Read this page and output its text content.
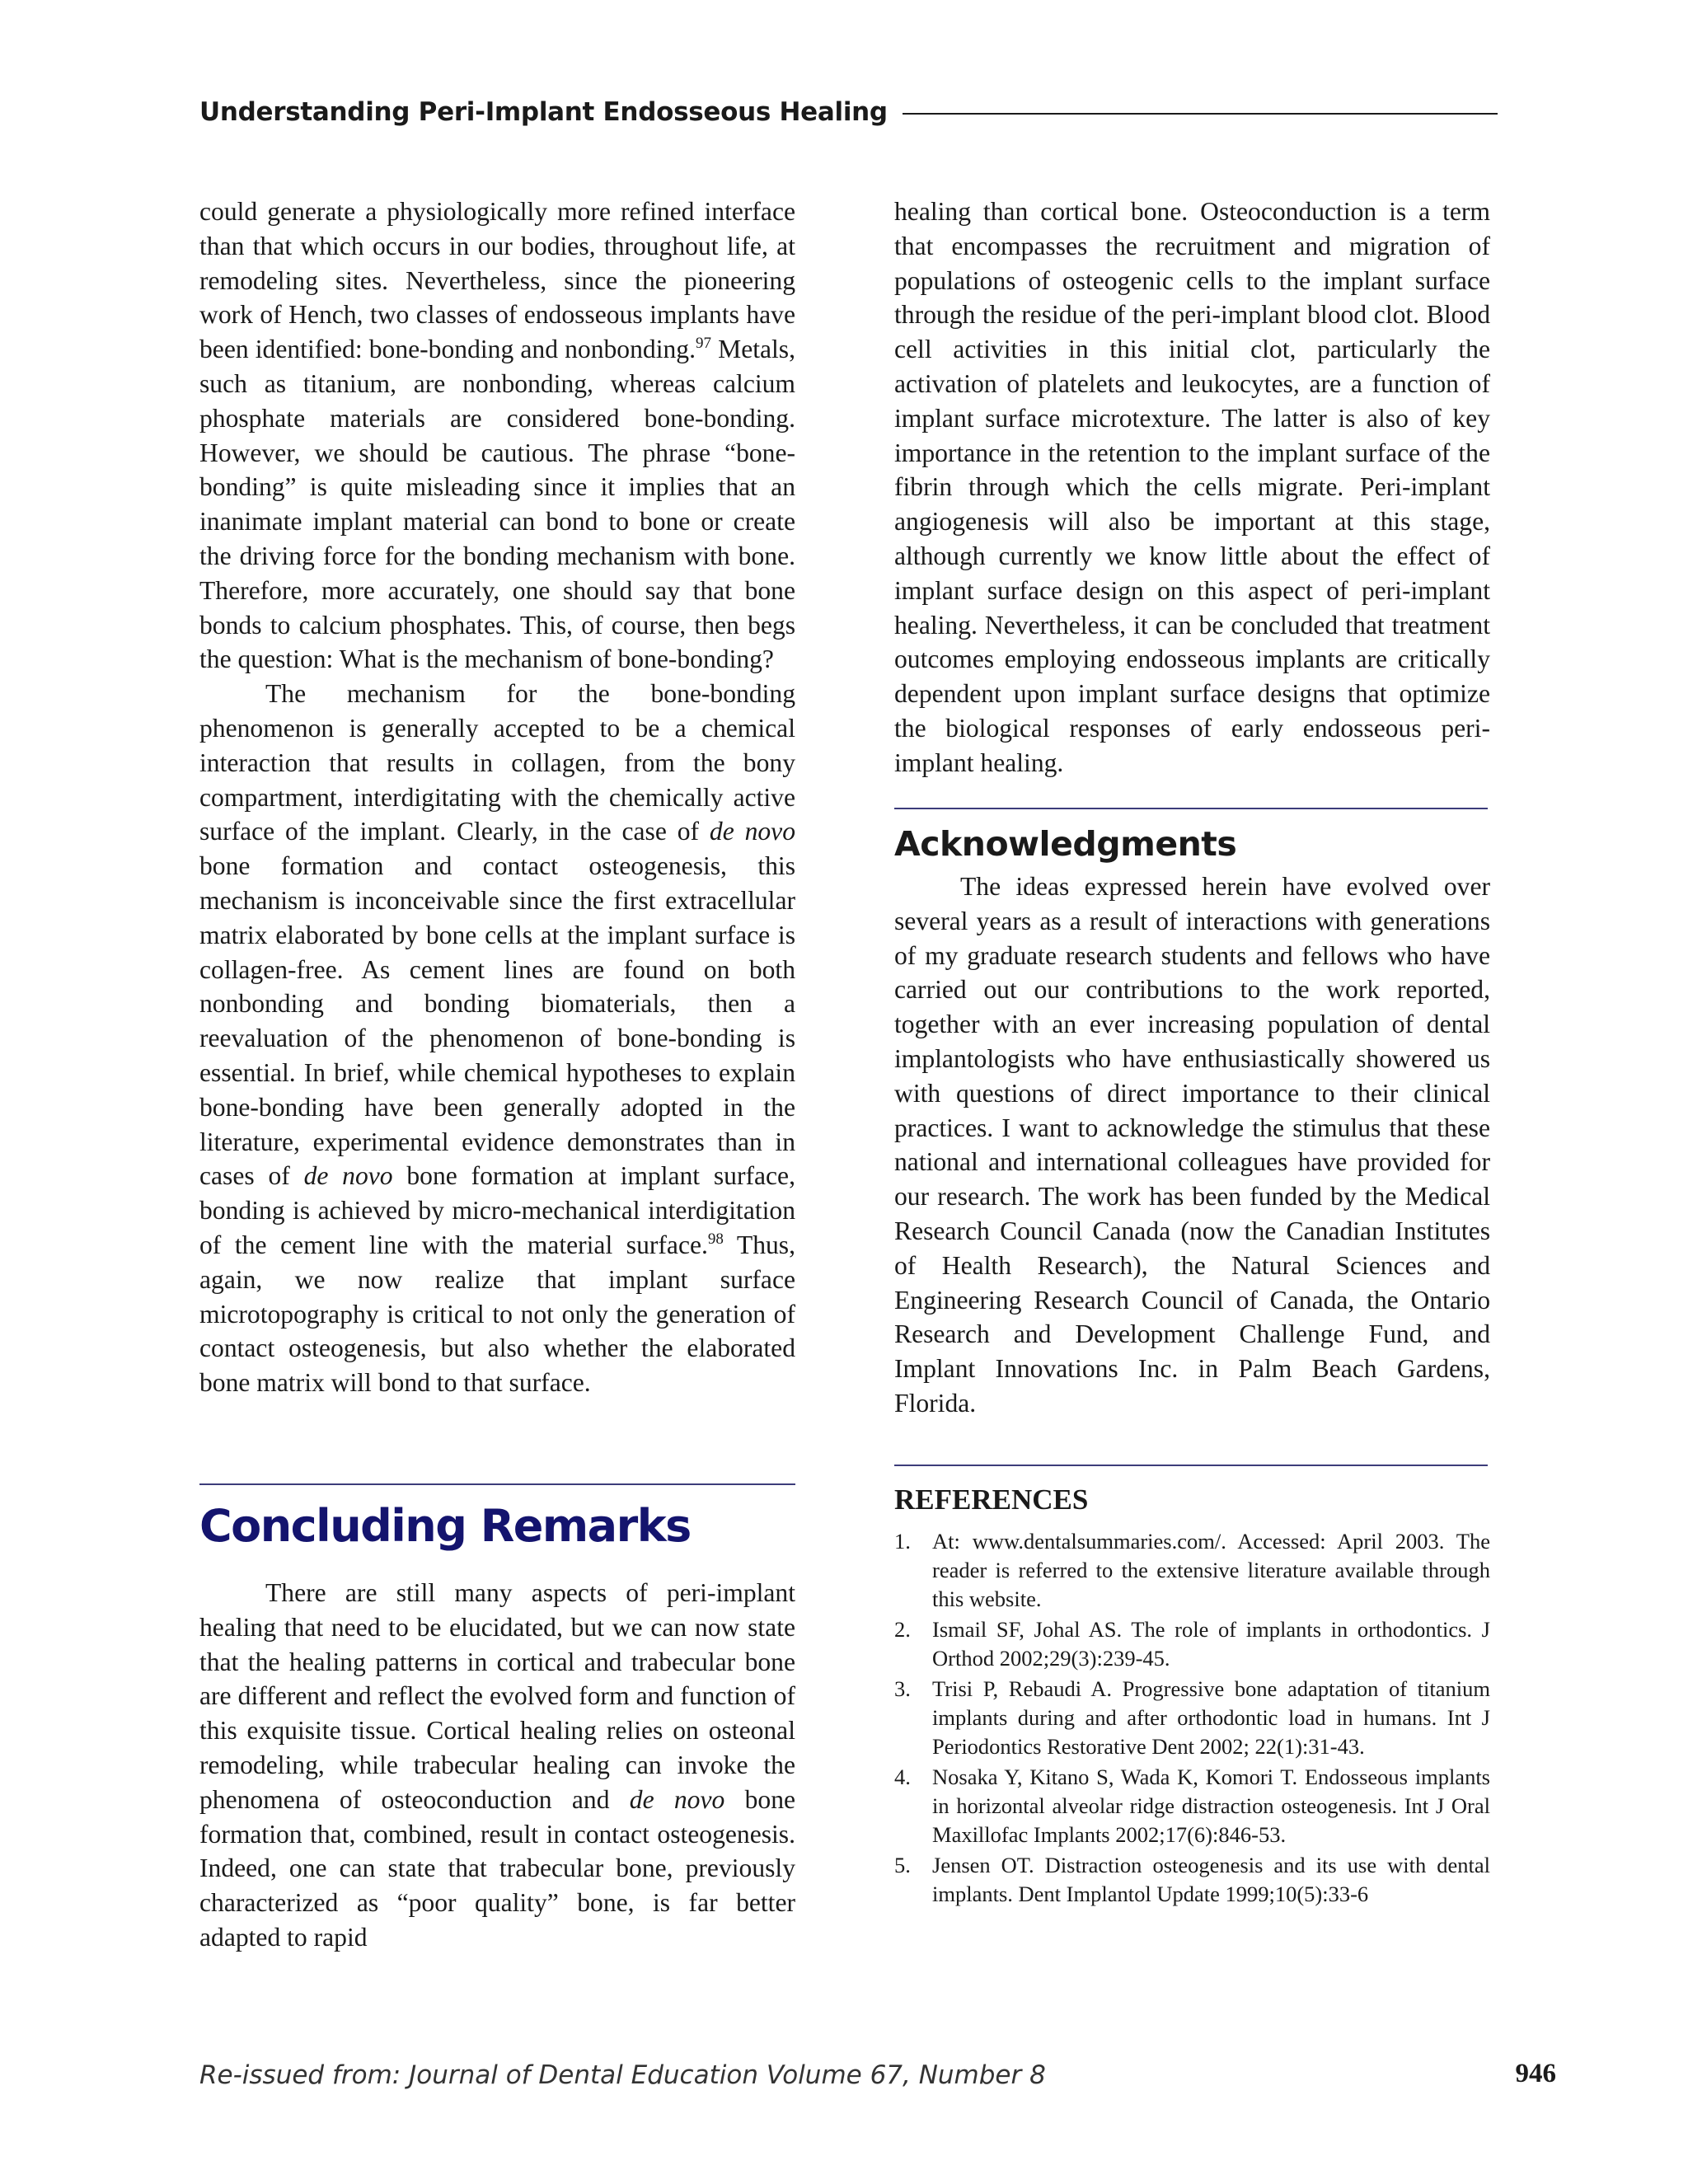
Understanding Peri-Implant Endosseous Healing

could generate a physiologically more refined interface than that which occurs in our bodies, throughout life, at remodeling sites. Nevertheless, since the pioneering work of Hench, two classes of endosseous implants have been identified: bone-bonding and nonbonding.$^{97}$ Metals, such as titanium, are nonbonding, whereas calcium phosphate materials are considered bone-bonding. However, we should be cautious. The phrase “bone-bonding” is quite misleading since it implies that an inanimate implant material can bond to bone or create the driving force for the bonding mechanism with bone. Therefore, more accurately, one should say that bone bonds to calcium phosphates. This, of course, then begs the question: What is the mechanism of bone-bonding?

The mechanism for the bone-bonding phenomenon is generally accepted to be a chemical interaction that results in collagen, from the bony compartment, interdigitating with the chemically active surface of the implant. Clearly, in the case of de novo bone formation and contact osteogenesis, this mechanism is inconceivable since the first extracellular matrix elaborated by bone cells at the implant surface is collagen-free. As cement lines are found on both nonbonding and bonding biomaterials, then a reevaluation of the phenomenon of bone-bonding is essential. In brief, while chemical hypotheses to explain bone-bonding have been generally adopted in the literature, experimental evidence demonstrates than in cases of de novo bone formation at implant surface, bonding is achieved by micro-mechanical interdigitation of the cement line with the material surface.$^{98}$ Thus, again, we now realize that implant surface microtopography is critical to not only the generation of contact osteogenesis, but also whether the elaborated bone matrix will bond to that surface.

Concluding Remarks

There are still many aspects of peri-implant healing that need to be elucidated, but we can now state that the healing patterns in cortical and trabecular bone are different and reflect the evolved form and function of this exquisite tissue. Cortical healing relies on osteonal remodeling, while trabecular healing can invoke the phenomena of osteoconduction and de novo bone formation that, combined, result in contact osteogenesis. Indeed, one can state that trabecular bone, previously characterized as “poor quality” bone, is far better adapted to rapid

healing than cortical bone. Osteoconduction is a term that encompasses the recruitment and migration of populations of osteogenic cells to the implant surface through the residue of the peri-implant blood clot. Blood cell activities in this initial clot, particularly the activation of platelets and leukocytes, are a function of implant surface microtexture. The latter is also of key importance in the retention to the implant surface of the fibrin through which the cells migrate. Peri-implant angiogenesis will also be important at this stage, although currently we know little about the effect of implant surface design on this aspect of peri-implant healing. Nevertheless, it can be concluded that treatment outcomes employing endosseous implants are critically dependent upon implant surface designs that optimize the biological responses of early endosseous peri-implant healing.

Acknowledgments

The ideas expressed herein have evolved over several years as a result of interactions with generations of my graduate research students and fellows who have carried out our contributions to the work reported, together with an ever increasing population of dental implantologists who have enthusiastically showered us with questions of direct importance to their clinical practices. I want to acknowledge the stimulus that these national and international colleagues have provided for our research. The work has been funded by the Medical Research Council Canada (now the Canadian Institutes of Health Research), the Natural Sciences and Engineering Research Council of Canada, the Ontario Research and Development Challenge Fund, and Implant Innovations Inc. in Palm Beach Gardens, Florida.

REFERENCES
1. At: www.dentalsummaries.com/. Accessed: April 2003. The reader is referred to the extensive literature available through this website.
2. Ismail SF, Johal AS. The role of implants in orthodontics. J Orthod 2002;29(3):239-45.
3. Trisi P, Rebaudi A. Progressive bone adaptation of titanium implants during and after orthodontic load in humans. Int J Periodontics Restorative Dent 2002; 22(1):31-43.
4. Nosaka Y, Kitano S, Wada K, Komori T. Endosseous implants in horizontal alveolar ridge distraction osteogenesis. Int J Oral Maxillofac Implants 2002;17(6):846-53.
5. Jensen OT. Distraction osteogenesis and its use with dental implants. Dent Implantol Update 1999;10(5):33-6
Re-issued from: Journal of Dental Education Volume 67, Number 8	946
